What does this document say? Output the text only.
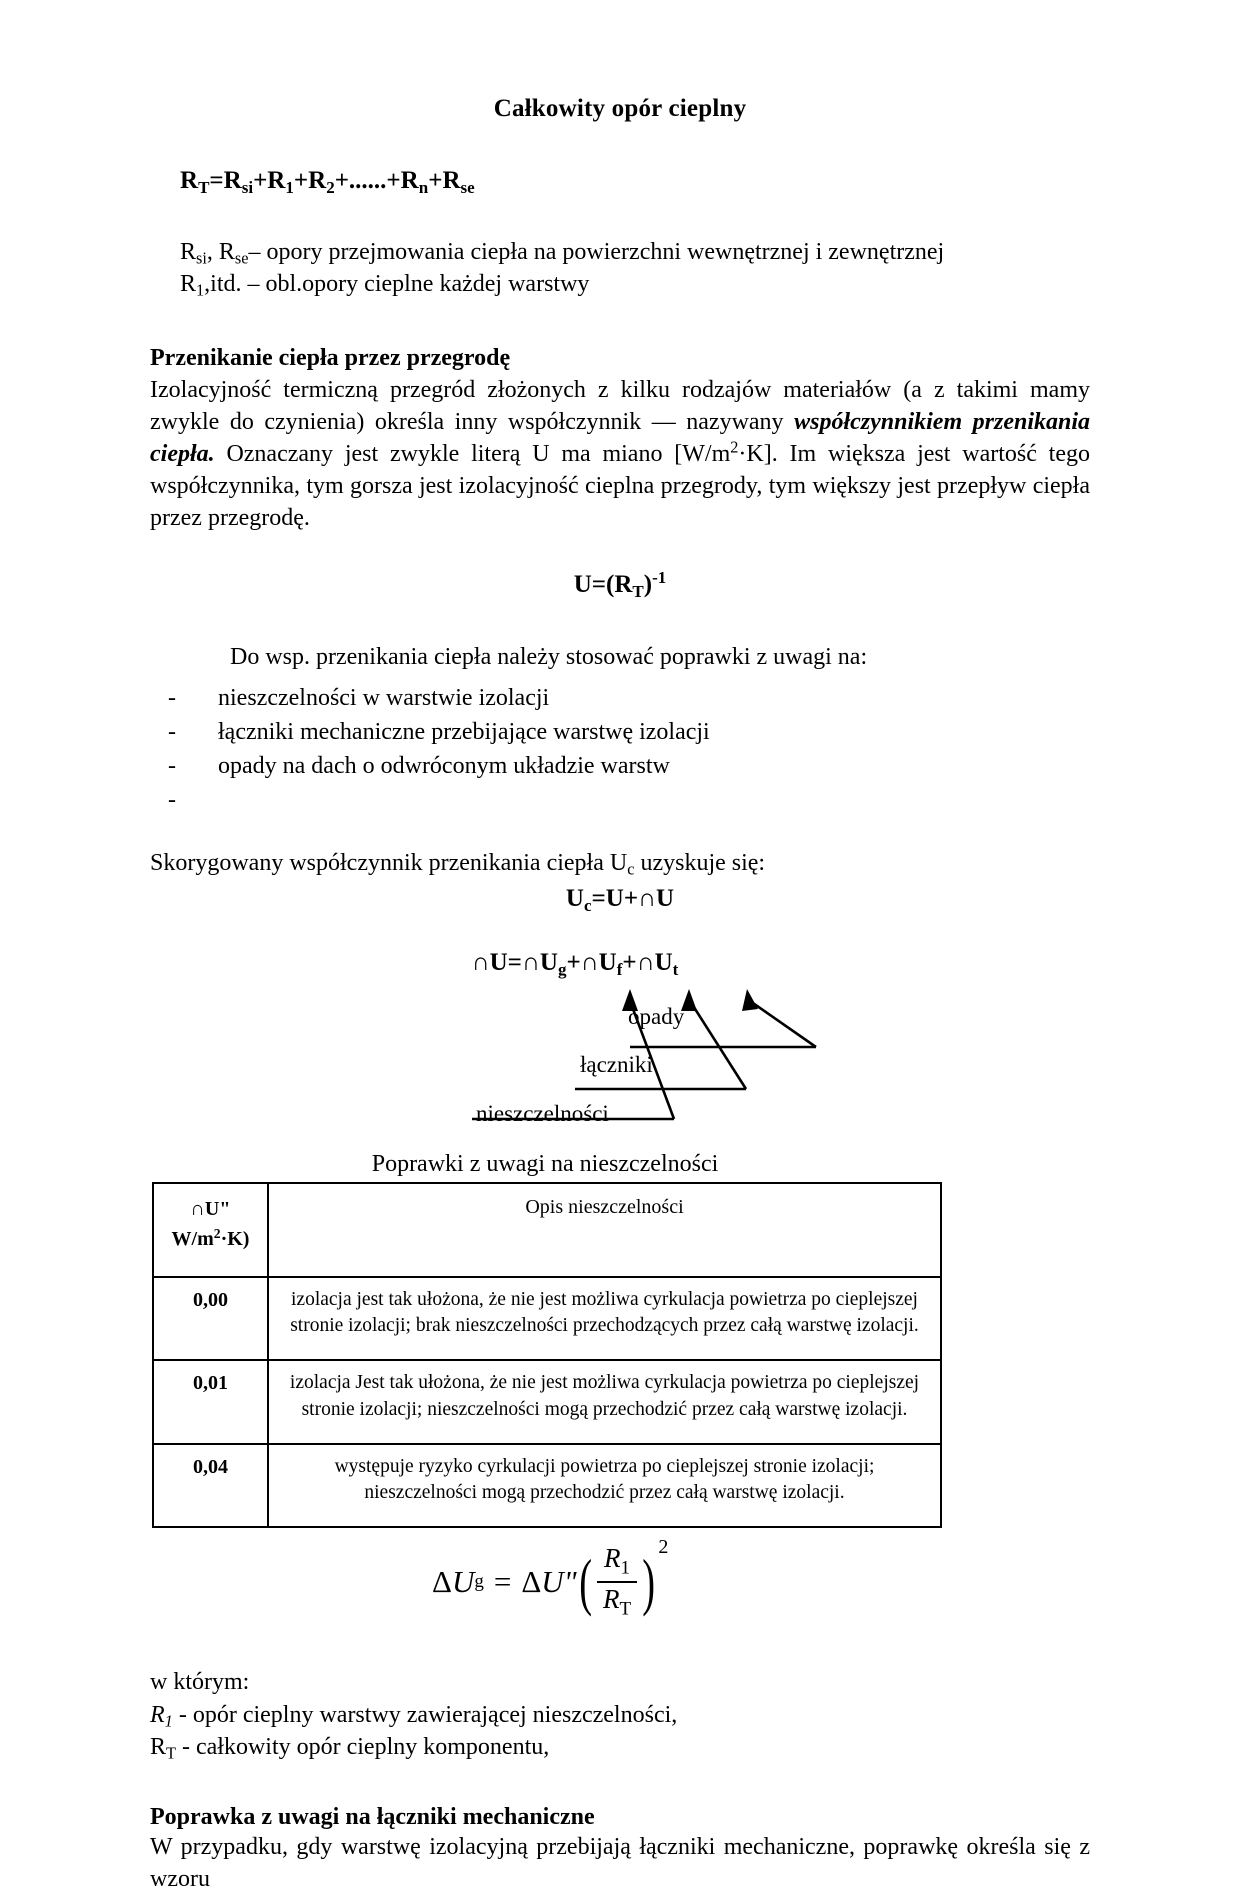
Całkowity opór cieplny
$R_T=R_{si}+R_1+R_2+......+R_n+R_{se}$
$R_{si}$, $R_{se}-$ opory przejmowania ciepła na powierzchni wewnętrznej i zewnętrznej
$R_1,itd$. – obl.opory cieplne każdej warstwy
Przenikanie ciepła przez przegrodę

Izolacyjność termiczną przegród złożonych z kilku rodzajów materiałów (a z takimi mamy zwykle do czynienia) określa inny współczynnik — nazywany współczynnikiem przenikania ciepła. Oznaczany jest zwykle literą U ma miano $[W/m^2\cdot K]$. Im większa jest wartość tego współczynnika, tym gorsza jest izolacyjność cieplna przegrody, tym większy jest przepływ ciepła przez przegrodę.

$U=(R_T)^{-1}$
Do wsp. przenikania ciepła należy stosować poprawki z uwagi na:
- nieszczelności w warstwie izolacji
- łączniki mechaniczne przebijające warstwę izolacji
- opady na dach o odwróconym układzie warstw
-
Skorygowany współczynnik przenikania ciepła $U_c$ uzyskuje się:
$U_c=U+\cap U$
$\cap U=\cap U_g+\cap U_f+\cap U_t$
opady
łączniki
nieszczelności
Poprawki z uwagi na nieszczelności
∩U"
$W/m^2\cdot K$)	Opis nieszczelności
0,00	izolacja jest tak ułożona, że nie jest możliwa cyrkulacja powietrza po cieplejszej stronie izolacji; brak nieszczelności przechodzących przez całą warstwę izolacji.
0,01	izolacja Jest tak ułożona, że nie jest możliwa cyrkulacja powietrza po cieplejszej stronie izolacji; nieszczelności mogą przechodzić przez całą warstwę izolacji.
0,04	występuje ryzyko cyrkulacji powietrza po cieplejszej stronie izolacji; nieszczelności mogą przechodzić przez całą warstwę izolacji.
Δ U g = Δ U" ( $\frac{R_1}{R_T}$ ) 2
w którym:
$R_1$ - opór cieplny warstwy zawierającej nieszczelności,
$R_T$ - całkowity opór cieplny komponentu,
Poprawka z uwagi na łączniki mechaniczne
W przypadku, gdy warstwę izolacyjną przebijają łączniki mechaniczne, poprawkę określa się z wzoru
